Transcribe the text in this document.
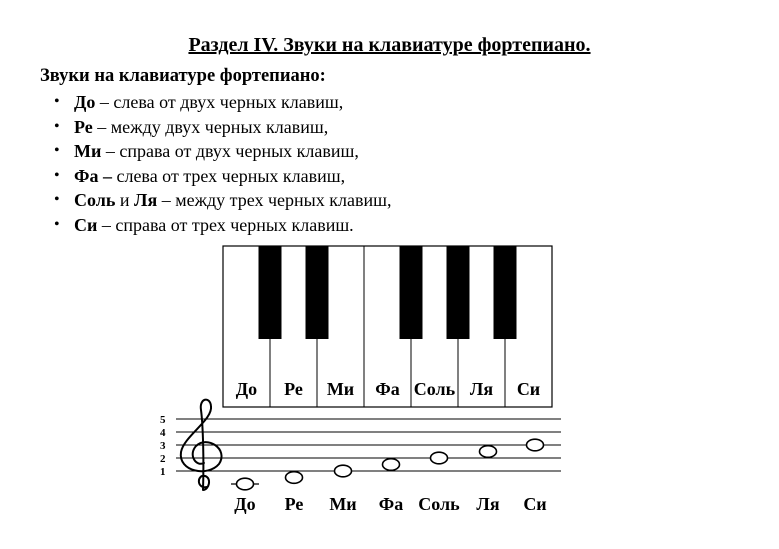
Раздел IV. Звуки на клавиатуре фортепиано.
Звуки на клавиатуре фортепиано:
• До – слева от двух черных клавиш,
• Ре – между двух черных клавиш,
• Ми – справа от двух черных клавиш,
• Фа – слева от трех черных клавиш,
• Соль и Ля – между трех черных клавиш,
• Си – справа от трех черных клавиш.
До Ре Ми Фа Соль Ля Си
1
2
3
4
5
До Ре Ми Фа Соль Ля Си
